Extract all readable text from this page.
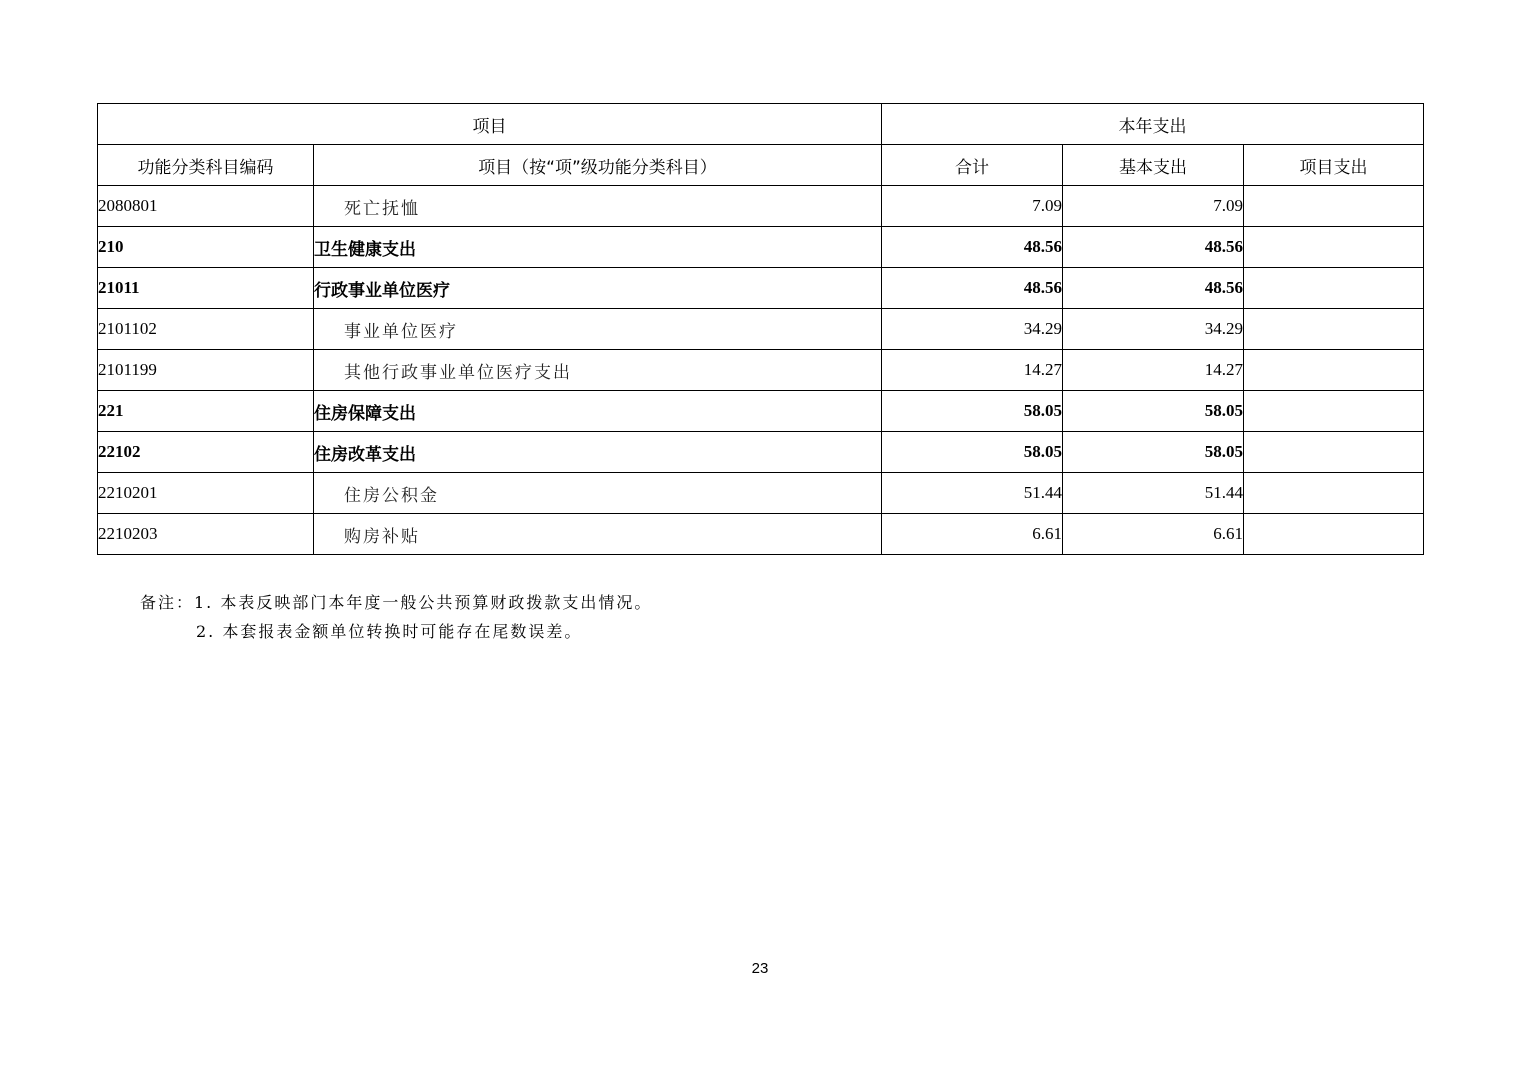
项目		本年支出		
功能分类科目编码	项目（按“项”级功能分类科目）	合计	基本支出	项目支出
2080801	死亡抚恤	7.09	7.09	
210	卫生健康支出	48.56	48.56	
21011	行政事业单位医疗	48.56	48.56	
2101102	事业单位医疗	34.29	34.29	
2101199	其他行政事业单位医疗支出	14.27	14.27	
221	住房保障支出	58.05	58.05	
22102	住房改革支出	58.05	58.05	
2210201	住房公积金	51.44	51.44	
2210203	购房补贴	6.61	6.61	
备注：1. 本表反映部门本年度一般公共预算财政拨款支出情况。
2. 本套报表金额单位转换时可能存在尾数误差。
23
